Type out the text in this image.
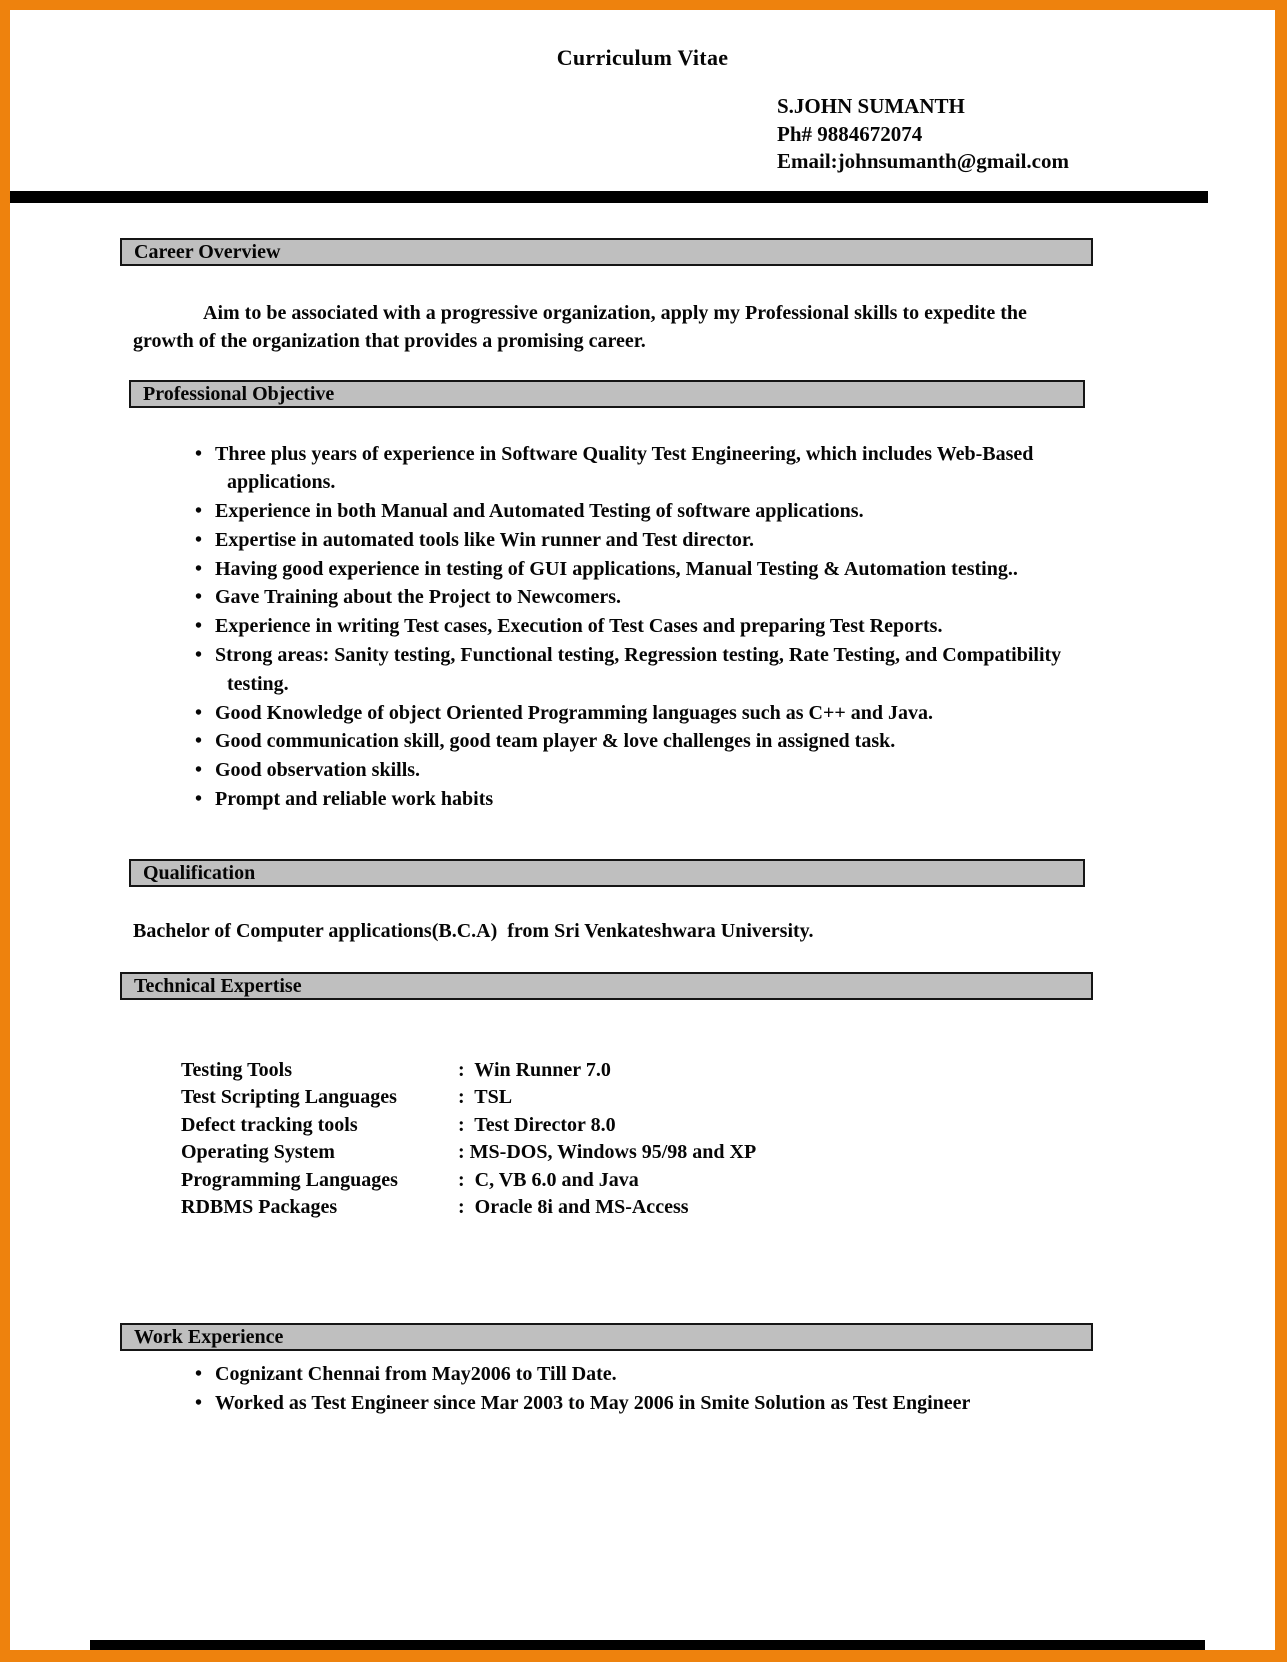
Curriculum Vitae
S.JOHN SUMANTH
Ph# 9884672074
Email:johnsumanth@gmail.com
Career Overview

Aim to be associated with a progressive organization, apply my Professional skills to expedite the growth of the organization that provides a promising career.

Professional Objective
• Three plus years of experience in Software Quality Test Engineering, which includes Web-Based applications.
• Experience in both Manual and Automated Testing of software applications.
• Expertise in automated tools like Win runner and Test director.
• Having good experience in testing of GUI applications, Manual Testing & Automation testing..
• Gave Training about the Project to Newcomers.
• Experience in writing Test cases, Execution of Test Cases and preparing Test Reports.
• Strong areas: Sanity testing, Functional testing, Regression testing, Rate Testing, and Compatibility testing.
• Good Knowledge of object Oriented Programming languages such as C++ and Java.
• Good communication skill, good team player & love challenges in assigned task.
• Good observation skills.
• Prompt and reliable work habits
Qualification
Bachelor of Computer applications(B.C.A)  from Sri Venkateshwara University.
Technical Expertise
Testing Tools	:  Win Runner 7.0
Test Scripting Languages	:  TSL
Defect tracking tools	:  Test Director 8.0
Operating System	: MS-DOS, Windows 95/98 and XP
Programming Languages	:  C, VB 6.0 and Java
RDBMS Packages	:  Oracle 8i and MS-Access
Work Experience
• Cognizant Chennai from May2006 to Till Date.
• Worked as Test Engineer since Mar 2003 to May 2006 in Smite Solution as Test Engineer
